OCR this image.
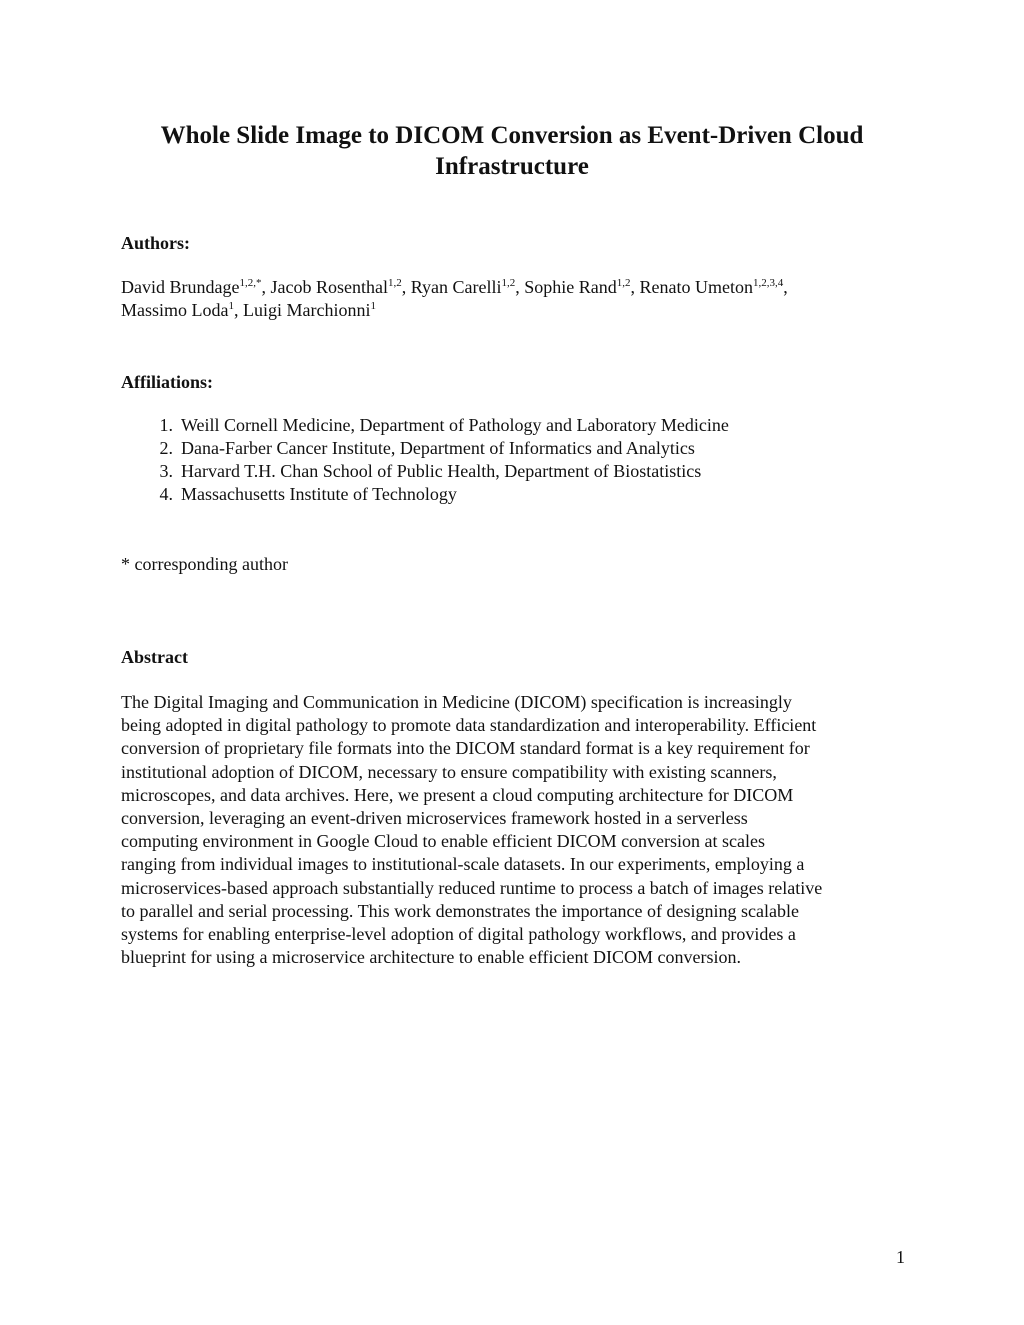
Whole Slide Image to DICOM Conversion as Event-Driven Cloud
Infrastructure
Authors:

David Brundage$^{1,2,*}$, Jacob Rosenthal$^{1,2}$, Ryan Carelli$^{1,2}$, Sophie Rand$^{1,2}$, Renato Umeton$^{1,2,3,4}$,

Massimo Loda$^1$, Luigi Marchionni$^1$

Affiliations:
1. Weill Cornell Medicine, Department of Pathology and Laboratory Medicine
2. Dana-Farber Cancer Institute, Department of Informatics and Analytics
3. Harvard T.H. Chan School of Public Health, Department of Biostatistics
4. Massachusetts Institute of Technology

* corresponding author

Abstract

The Digital Imaging and Communication in Medicine (DICOM) specification is increasingly
being adopted in digital pathology to promote data standardization and interoperability. Efficient
conversion of proprietary file formats into the DICOM standard format is a key requirement for
institutional adoption of DICOM, necessary to ensure compatibility with existing scanners,
microscopes, and data archives. Here, we present a cloud computing architecture for DICOM
conversion, leveraging an event-driven microservices framework hosted in a serverless
computing environment in Google Cloud to enable efficient DICOM conversion at scales
ranging from individual images to institutional-scale datasets. In our experiments, employing a
microservices-based approach substantially reduced runtime to process a batch of images relative
to parallel and serial processing. This work demonstrates the importance of designing scalable
systems for enabling enterprise-level adoption of digital pathology workflows, and provides a
blueprint for using a microservice architecture to enable efficient DICOM conversion.

1
